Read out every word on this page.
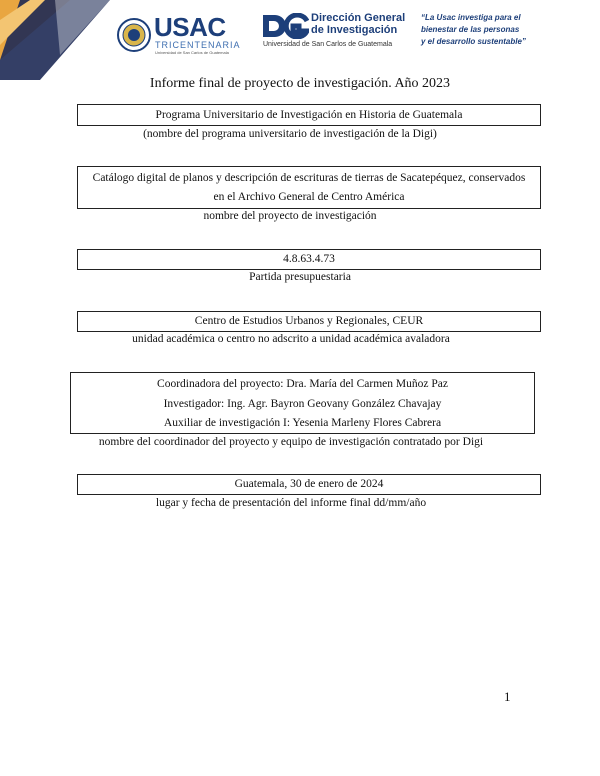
USAC
TRICENTENARIA
Universidad de San Carlos de Guatemala
Dirección General
de Investigación
Universidad de San Carlos de Guatemala
“La Usac investiga para el
bienestar de las personas
y el desarrollo sustentable”
Informe final de proyecto de investigación. Año 2023
Programa Universitario de Investigación en Historia de Guatemala
(nombre del programa universitario de investigación de la Digi)
Catálogo digital de planos y descripción de escrituras de tierras de Sacatepéquez, conservados
en el Archivo General de Centro América
nombre del proyecto de investigación
4.8.63.4.73
Partida presupuestaria
Centro de Estudios Urbanos y Regionales, CEUR
unidad académica o centro no adscrito a unidad académica avaladora
Coordinadora del proyecto: Dra. María del Carmen Muñoz Paz
Investigador: Ing. Agr. Bayron Geovany González Chavajay
Auxiliar de investigación I: Yesenia Marleny Flores Cabrera
nombre del coordinador del proyecto y equipo de investigación contratado por Digi
Guatemala, 30 de enero de 2024
lugar y fecha de presentación del informe final dd/mm/año
1
